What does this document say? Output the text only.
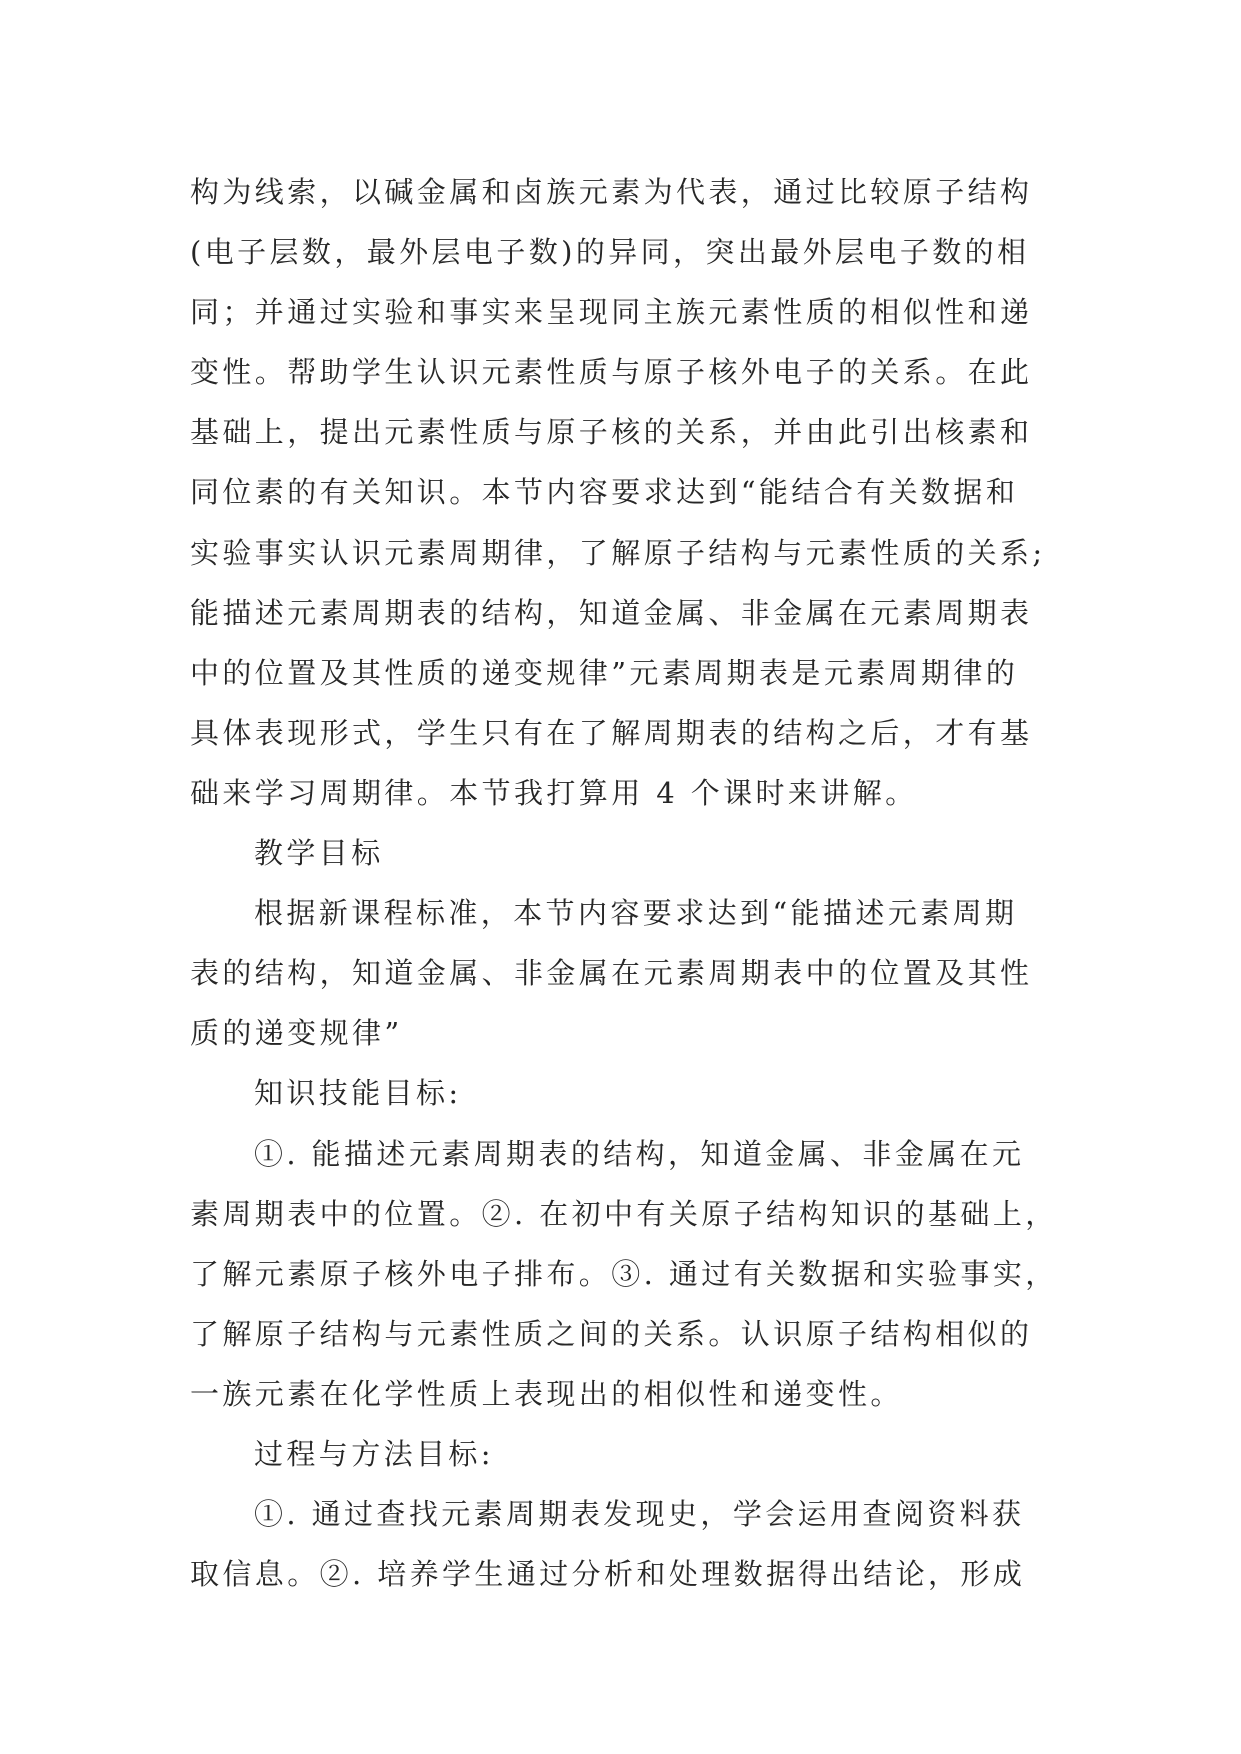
构为线索，以碱金属和卤族元素为代表，通过比较原子结构
(电子层数，最外层电子数)的异同，突出最外层电子数的相
同；并通过实验和事实来呈现同主族元素性质的相似性和递
变性。帮助学生认识元素性质与原子核外电子的关系。在此
基础上，提出元素性质与原子核的关系，并由此引出核素和
同位素的有关知识。本节内容要求达到“能结合有关数据和
实验事实认识元素周期律，了解原子结构与元素性质的关系;
能描述元素周期表的结构，知道金属、非金属在元素周期表
中的位置及其性质的递变规律”元素周期表是元素周期律的
具体表现形式，学生只有在了解周期表的结构之后，才有基
础来学习周期律。本节我打算用 4 个课时来讲解。
教学目标
根据新课程标准，本节内容要求达到“能描述元素周期
表的结构，知道金属、非金属在元素周期表中的位置及其性
质的递变规律”
知识技能目标:
①. 能描述元素周期表的结构，知道金属、非金属在元
素周期表中的位置。②. 在初中有关原子结构知识的基础上，
了解元素原子核外电子排布。③. 通过有关数据和实验事实，
了解原子结构与元素性质之间的关系。认识原子结构相似的
一族元素在化学性质上表现出的相似性和递变性。
过程与方法目标:
①. 通过查找元素周期表发现史，学会运用查阅资料获
取信息。②. 培养学生通过分析和处理数据得出结论，形成
